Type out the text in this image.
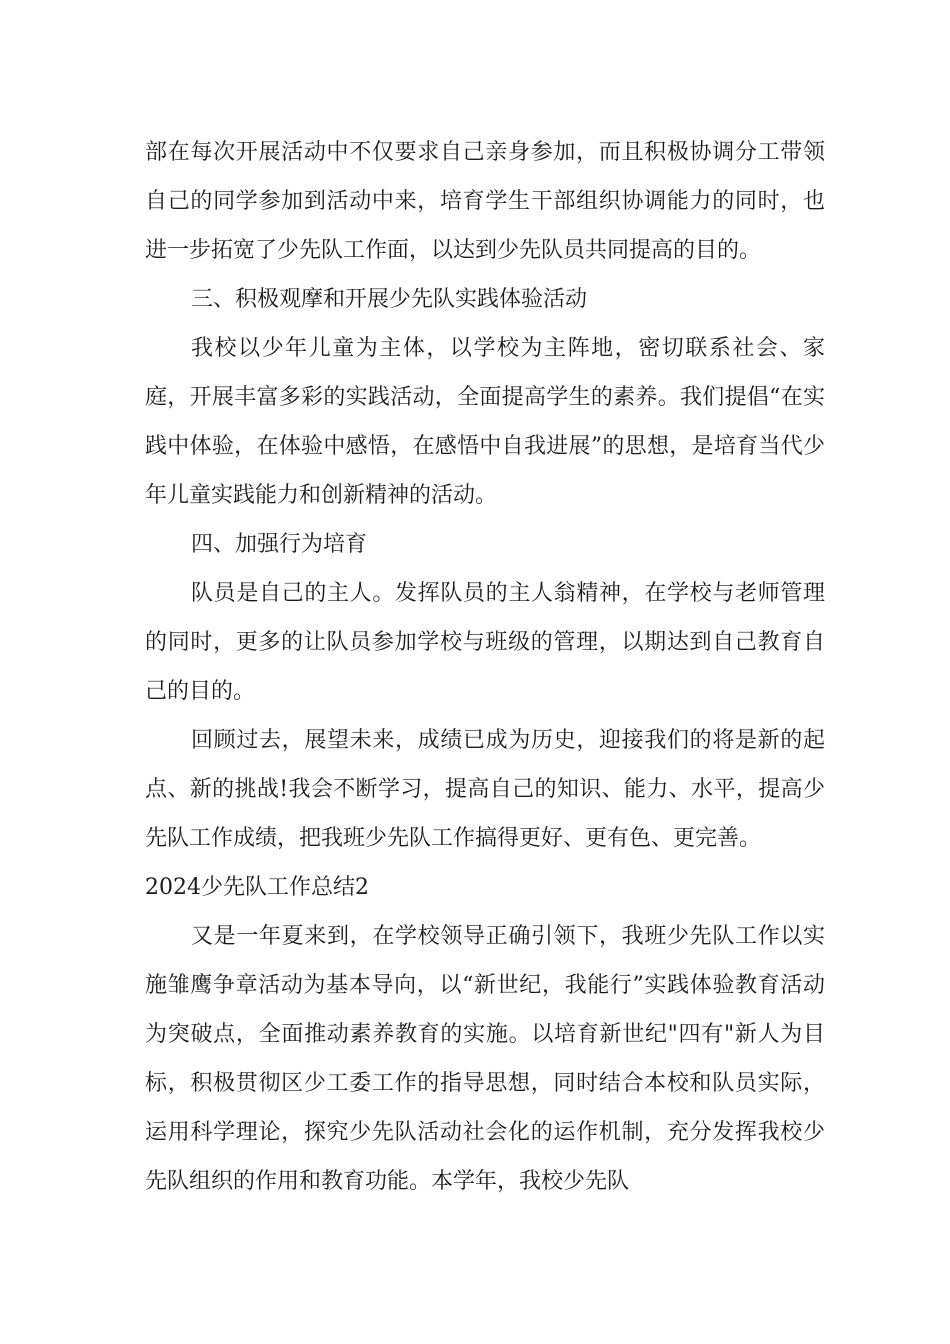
部在每次开展活动中不仅要求自己亲身参加，而且积极协调分工带领自己的同学参加到活动中来，培育学生干部组织协调能力的同时，也进一步拓宽了少先队工作面，以达到少先队员共同提高的目的。

三、积极观摩和开展少先队实践体验活动

我校以少年儿童为主体，以学校为主阵地，密切联系社会、家庭，开展丰富多彩的实践活动，全面提高学生的素养。我们提倡“在实践中体验，在体验中感悟，在感悟中自我进展”的思想，是培育当代少年儿童实践能力和创新精神的活动。

四、加强行为培育

队员是自己的主人。发挥队员的主人翁精神，在学校与老师管理的同时，更多的让队员参加学校与班级的管理，以期达到自己教育自己的目的。

回顾过去，展望未来，成绩已成为历史，迎接我们的将是新的起点、新的挑战!我会不断学习，提高自己的知识、能力、水平，提高少先队工作成绩，把我班少先队工作搞得更好、更有色、更完善。

2024少先队工作总结2

又是一年夏来到，在学校领导正确引领下，我班少先队工作以实施雏鹰争章活动为基本导向，以“新世纪，我能行”实践体验教育活动为突破点，全面推动素养教育的实施。以培育新世纪"四有"新人为目标，积极贯彻区少工委工作的指导思想，同时结合本校和队员实际，运用科学理论，探究少先队活动社会化的运作机制，充分发挥我校少先队组织的作用和教育功能。本学年，我校少先队
